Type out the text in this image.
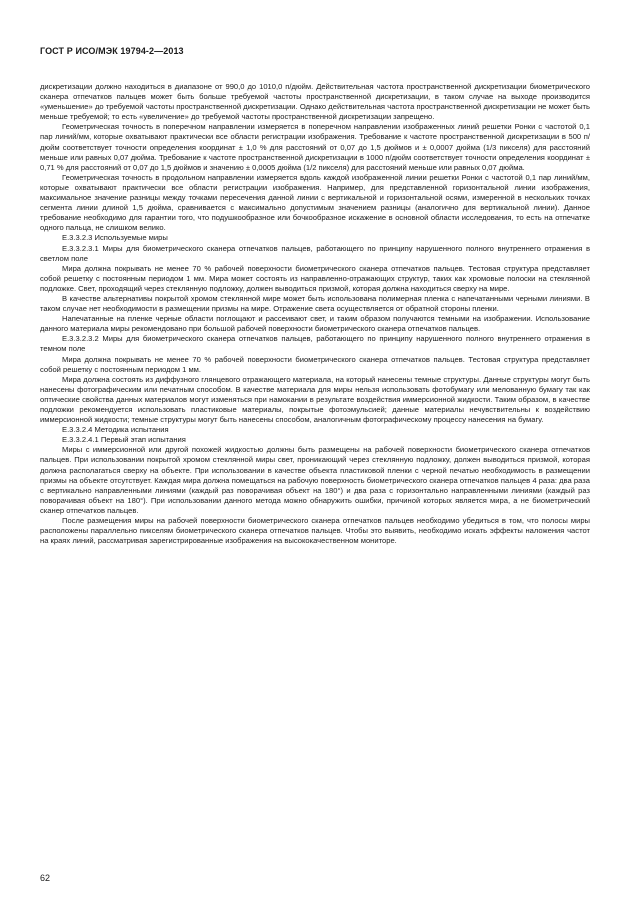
ГОСТ Р ИСО/МЭК 19794-2—2013

дискретизации должно находиться в диапазоне от 990,0 до 1010,0 п/дюйм. Действительная частота пространственной дискретизации биометрического сканера отпечатков пальцев может быть больше требуемой частоты пространственной дискретизации, в таком случае на выходе производится «уменьшение» до требуемой частоты пространственной дискретизации. Однако действительная частота пространственной дискретизации не может быть меньше требуемой; то есть «увеличение» до требуемой частоты пространственной дискретизации запрещено.

Геометрическая точность в поперечном направлении измеряется в поперечном направлении изображенных линий решетки Ронки с частотой 0,1 пар линий/мм, которые охватывают практически все области регистрации изображения. Требование к частоте пространственной дискретизации в 500 п/дюйм соответствует точности определения координат ± 1,0 % для расстояний от 0,07 до 1,5 дюймов и ± 0,0007 дюйма (1/3 пикселя) для расстояний меньше или равных 0,07 дюйма. Требование к частоте пространственной дискретизации в 1000 п/дюйм соответствует точности определения координат ± 0,71 % для расстояний от 0,07 до 1,5 дюймов и значению ± 0,0005 дюйма (1/2 пикселя) для расстояний меньше или равных 0,07 дюйма.

Геометрическая точность в продольном направлении измеряется вдоль каждой изображенной линии решетки Ронки с частотой 0,1 пар линий/мм, которые охватывают практически все области регистрации изображения. Например, для представленной горизонтальной линии изображения, максимальное значение разницы между точками пересечения данной линии с вертикальной и горизонтальной осями, измеренной в нескольких точках сегмента линии длиной 1,5 дюйма, сравнивается с максимально допустимым значением разницы (аналогично для вертикальной линии). Данное требование необходимо для гарантии того, что подушкообразное или бочкообразное искажение в основной области исследования, то есть на отпечатке одного пальца, не слишком велико.

Е.3.3.2.3 Используемые миры

Е.3.3.2.3.1 Миры для биометрического сканера отпечатков пальцев, работающего по принципу нарушенного полного внутреннего отражения в светлом поле

Мира должна покрывать не менее 70 % рабочей поверхности биометрического сканера отпечатков пальцев. Тестовая структура представляет собой решетку с постоянным периодом 1 мм. Мира может состоять из направленно-отражающих структур, таких как хромовые полоски на стеклянной подложке. Свет, проходящий через стеклянную подложку, должен выводиться призмой, которая должна находиться сверху на мире.

В качестве альтернативы покрытой хромом стеклянной мире может быть использована полимерная пленка с напечатанными черными линиями. В таком случае нет необходимости в размещении призмы на мире. Отражение света осуществляется от обратной стороны пленки.

Напечатанные на пленке черные области поглощают и рассеивают свет, и таким образом получаются темными на изображении. Использование данного материала миры рекомендовано при большой рабочей поверхности биометрического сканера отпечатков пальцев.

Е.3.3.2.3.2 Миры для биометрического сканера отпечатков пальцев, работающего по принципу нарушенного полного внутреннего отражения в темном поле

Мира должна покрывать не менее 70 % рабочей поверхности биометрического сканера отпечатков пальцев. Тестовая структура представляет собой решетку с постоянным периодом 1 мм.

Мира должна состоять из диффузного глянцевого отражающего материала, на который нанесены темные структуры. Данные структуры могут быть нанесены фотографическим или печатным способом. В качестве материала для миры нельзя использовать фотобумагу или мелованную бумагу так как оптические свойства данных материалов могут изменяться при намокании в результате воздействия иммерсионной жидкости. Таким образом, в качестве подложки рекомендуется использовать пластиковые материалы, покрытые фотоэмульсией; данные материалы нечувствительны к воздействию иммерсионной жидкости; темные структуры могут быть нанесены способом, аналогичным фотографическому процессу нанесения на бумагу.

Е.3.3.2.4 Методика испытания

Е.3.3.2.4.1 Первый этап испытания

Миры с иммерсионной или другой похожей жидкостью должны быть размещены на рабочей поверхности биометрического сканера отпечатков пальцев. При использовании покрытой хромом стеклянной миры свет, проникающий через стеклянную подложку, должен выводиться призмой, которая должна располагаться сверху на объекте. При использовании в качестве объекта пластиковой пленки с черной печатью необходимость в размещении призмы на объекте отсутствует. Каждая мира должна помещаться на рабочую поверхность биометрического сканера отпечатков пальцев 4 раза: два раза с вертикально направленными линиями (каждый раз поворачивая объект на 180°) и два раза с горизонтально направленными линиями (каждый раз поворачивая объект на 180°). При использовании данного метода можно обнаружить ошибки, причиной которых является мира, а не биометрический сканер отпечатков пальцев.

После размещения миры на рабочей поверхности биометрического сканера отпечатков пальцев необходимо убедиться в том, что полосы миры расположены параллельно пикселям биометрического сканера отпечатков пальцев. Чтобы это выявить, необходимо искать эффекты наложения частот на краях линий, рассматривая зарегистрированные изображения на высококачественном мониторе.

62
